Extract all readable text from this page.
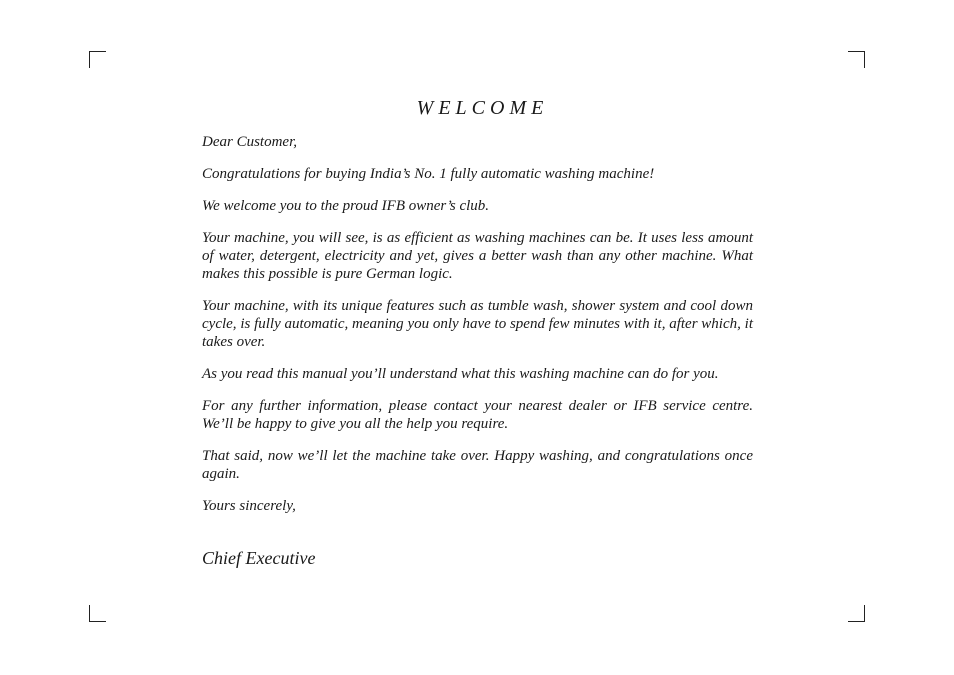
WELCOME

Dear Customer,

Congratulations for buying India’s No. 1 fully automatic washing machine!

We welcome you to the proud IFB owner’s club.

Your machine, you will see, is as efficient as washing machines can be. It uses less amount of water, detergent, electricity and yet, gives a better wash than any other machine. What makes this possible is pure German logic.

Your machine, with its unique features such as tumble wash, shower system and cool down cycle, is fully automatic, meaning you only have to spend few minutes with it, after which, it takes over.

As you read this manual you’ll understand what this washing machine can do for you.

For any further information, please contact your nearest dealer or IFB service centre. We’ll be happy to give you all the help you require.

That said, now we’ll let the machine take over. Happy washing, and congratulations once again.

Yours sincerely,

Chief Executive
